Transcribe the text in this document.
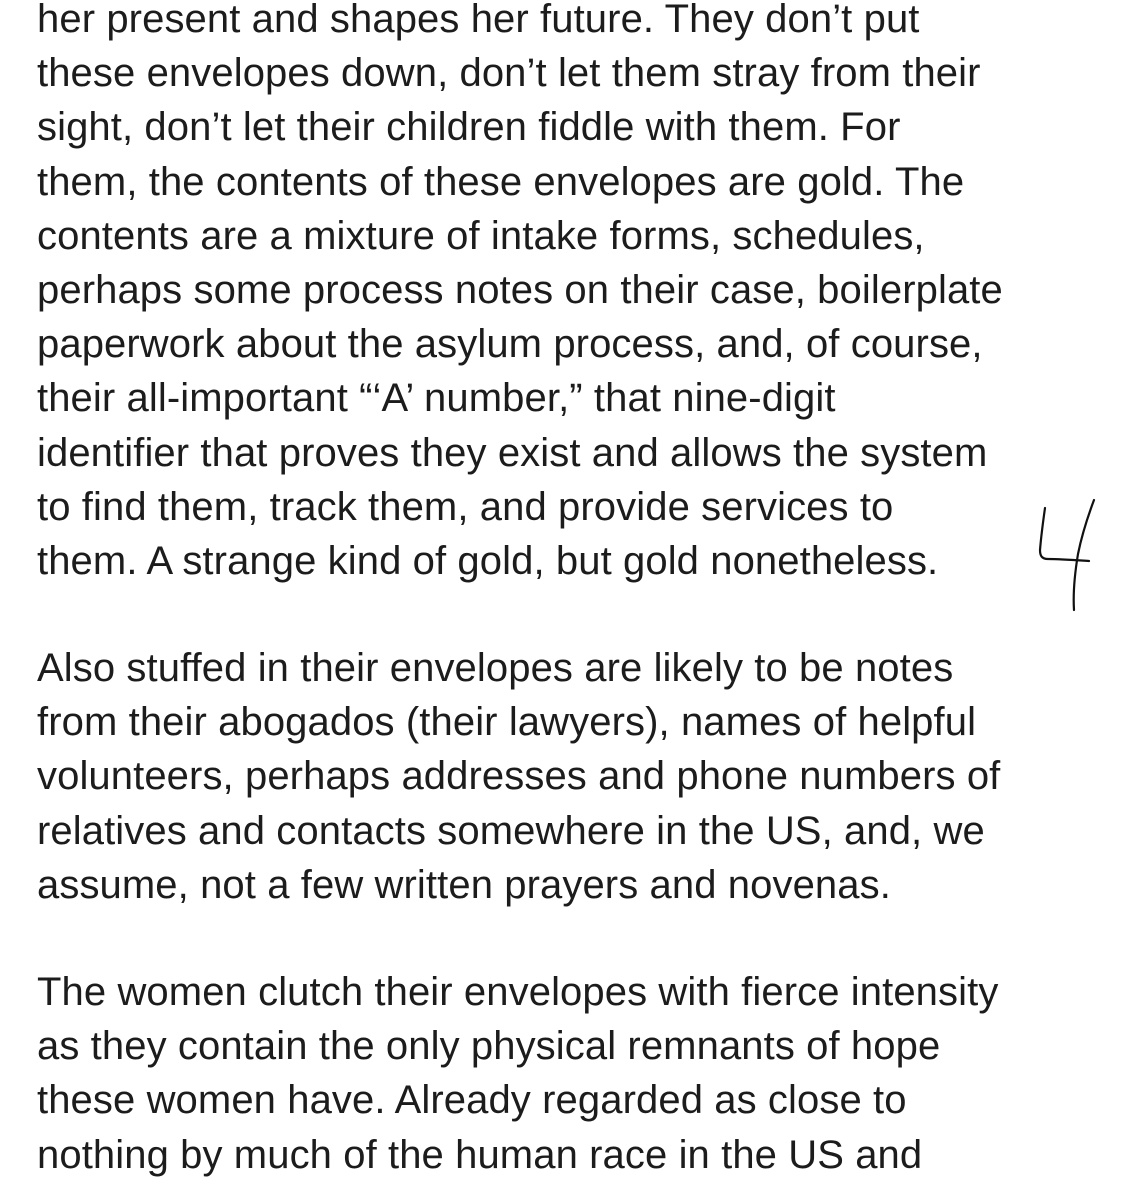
her present and shapes her future. They don’t put
these envelopes down, don’t let them stray from their
sight, don’t let their children fiddle with them. For
them, the contents of these envelopes are gold. The
contents are a mixture of intake forms, schedules,
perhaps some process notes on their case, boilerplate
paperwork about the asylum process, and, of course,
their all-important “‘A’ number,” that nine-digit
identifier that proves they exist and allows the system
to find them, track them, and provide services to
them. A strange kind of gold, but gold nonetheless.
Also stuffed in their envelopes are likely to be notes
from their abogados (their lawyers), names of helpful
volunteers, perhaps addresses and phone numbers of
relatives and contacts somewhere in the US, and, we
assume, not a few written prayers and novenas.
The women clutch their envelopes with fierce intensity
as they contain the only physical remnants of hope
these women have. Already regarded as close to
nothing by much of the human race in the US and
